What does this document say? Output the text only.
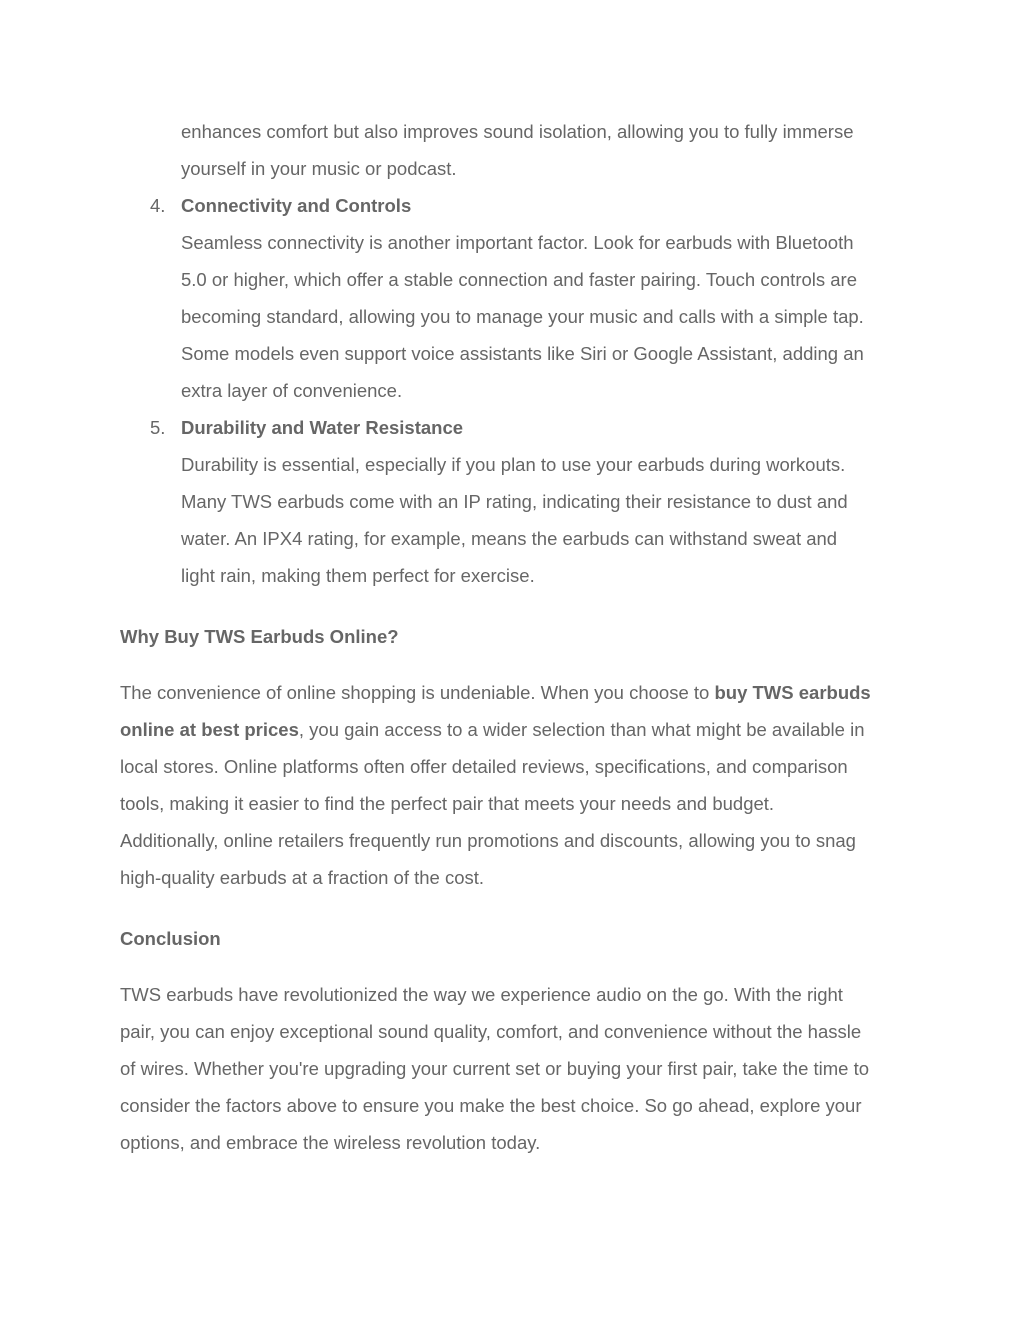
enhances comfort but also improves sound isolation, allowing you to fully immerse
yourself in your music or podcast.
4. Connectivity and Controls
Seamless connectivity is another important factor. Look for earbuds with Bluetooth
5.0 or higher, which offer a stable connection and faster pairing. Touch controls are
becoming standard, allowing you to manage your music and calls with a simple tap.
Some models even support voice assistants like Siri or Google Assistant, adding an
extra layer of convenience.
5. Durability and Water Resistance
Durability is essential, especially if you plan to use your earbuds during workouts.
Many TWS earbuds come with an IP rating, indicating their resistance to dust and
water. An IPX4 rating, for example, means the earbuds can withstand sweat and
light rain, making them perfect for exercise.
Why Buy TWS Earbuds Online?
The convenience of online shopping is undeniable. When you choose to buy TWS earbuds
online at best prices, you gain access to a wider selection than what might be available in
local stores. Online platforms often offer detailed reviews, specifications, and comparison
tools, making it easier to find the perfect pair that meets your needs and budget.
Additionally, online retailers frequently run promotions and discounts, allowing you to snag
high-quality earbuds at a fraction of the cost.
Conclusion
TWS earbuds have revolutionized the way we experience audio on the go. With the right
pair, you can enjoy exceptional sound quality, comfort, and convenience without the hassle
of wires. Whether you're upgrading your current set or buying your first pair, take the time to
consider the factors above to ensure you make the best choice. So go ahead, explore your
options, and embrace the wireless revolution today.
